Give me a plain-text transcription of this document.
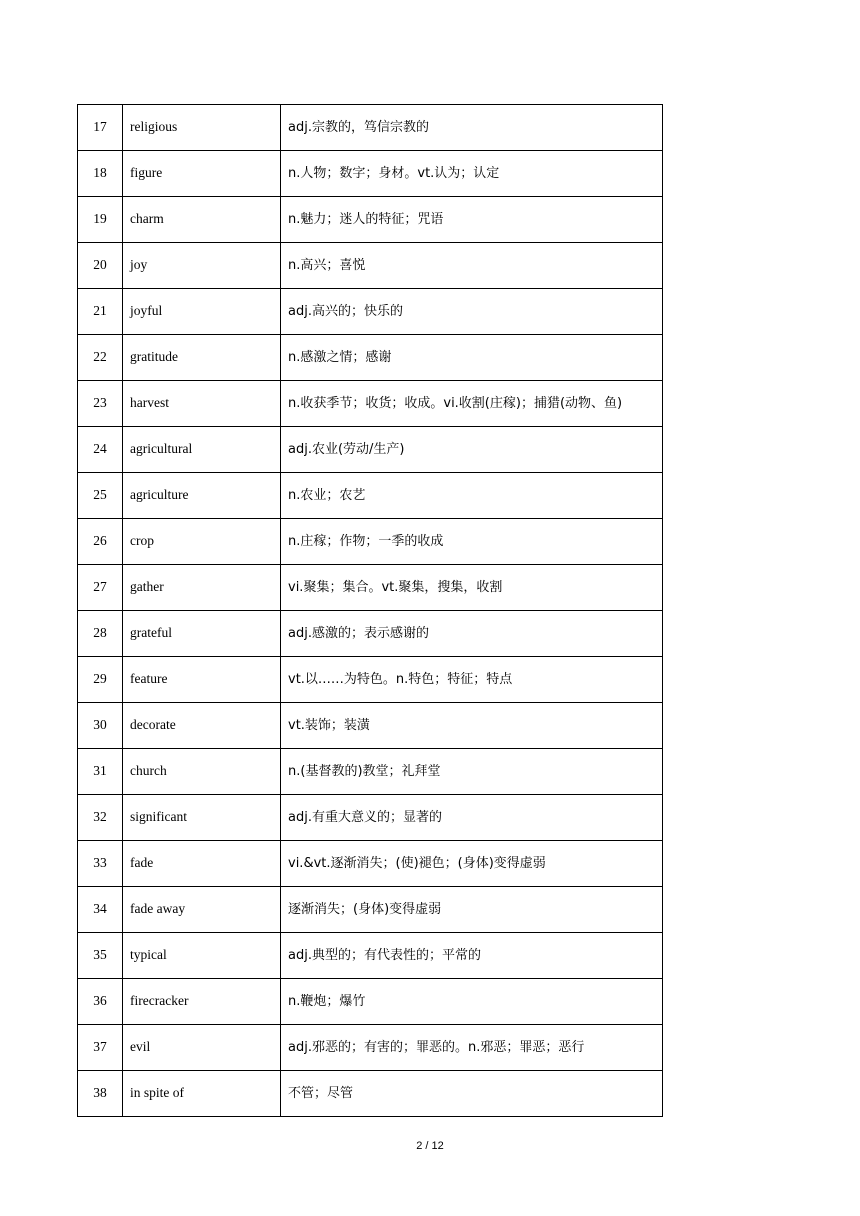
17	religious	adj.宗教的，笃信宗教的
18	figure	n.人物；数字；身材。vt.认为；认定
19	charm	n.魅力；迷人的特征；咒语
20	joy	n.高兴；喜悦
21	joyful	adj.高兴的；快乐的
22	gratitude	n.感激之情；感谢
23	harvest	n.收获季节；收货；收成。vi.收割(庄稼)；捕猎(动物、鱼)
24	agricultural	adj.农业(劳动/生产)
25	agriculture	n.农业；农艺
26	crop	n.庄稼；作物；一季的收成
27	gather	vi.聚集；集合。vt.聚集，搜集，收割
28	grateful	adj.感激的；表示感谢的
29	feature	vt.以……为特色。n.特色；特征；特点
30	decorate	vt.装饰；装潢
31	church	n.(基督教的)教堂；礼拜堂
32	significant	adj.有重大意义的；显著的
33	fade	vi.&vt.逐渐消失；(使)褪色；(身体)变得虚弱
34	fade away	逐渐消失；(身体)变得虚弱
35	typical	adj.典型的；有代表性的；平常的
36	firecracker	n.鞭炮；爆竹
37	evil	adj.邪恶的；有害的；罪恶的。n.邪恶；罪恶；恶行
38	in spite of	不管；尽管
2 / 12
